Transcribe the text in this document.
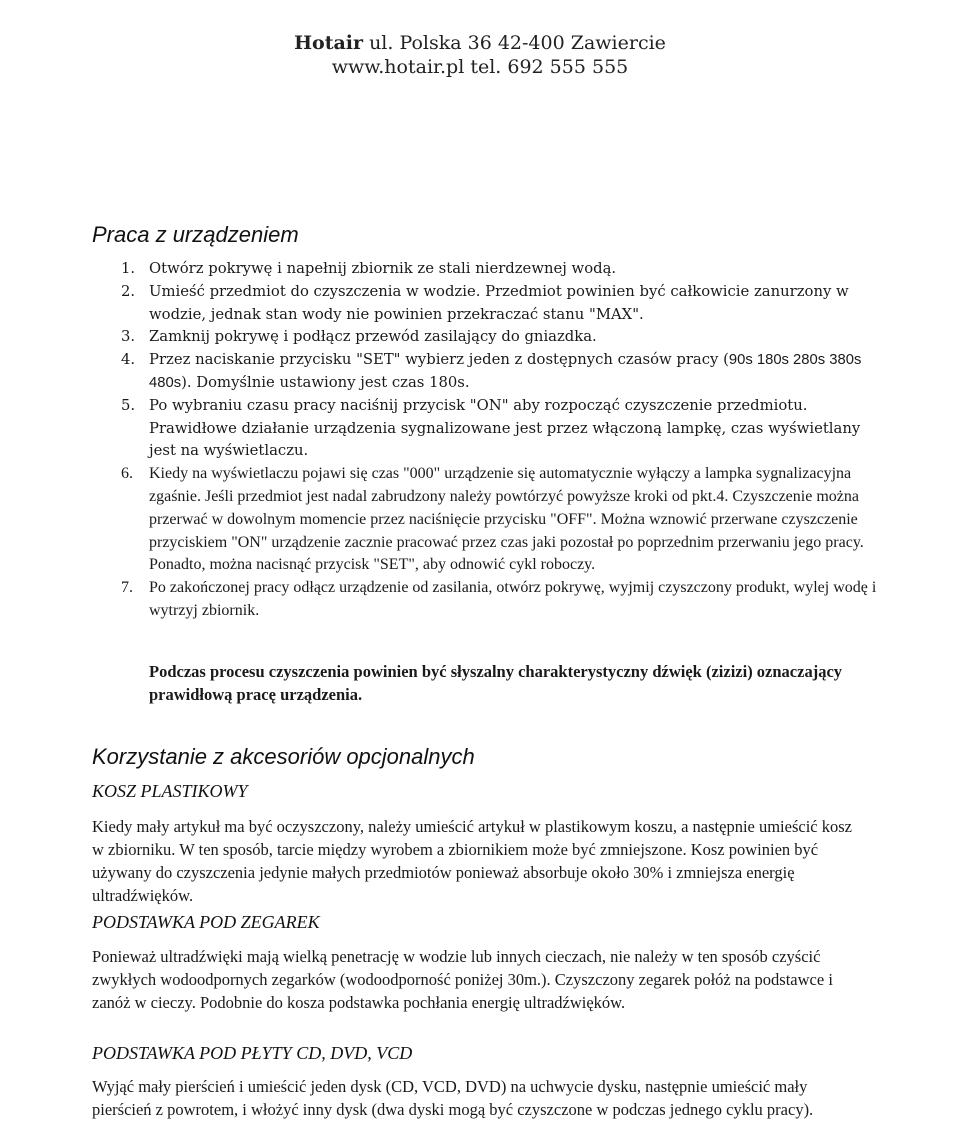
Hotair ul. Polska 36 42-400 Zawiercie
www.hotair.pl tel. 692 555 555
Praca z urządzeniem
1. Otwórz pokrywę i napełnij zbiornik ze stali nierdzewnej wodą.
2. Umieść przedmiot do czyszczenia w wodzie. Przedmiot powinien być całkowicie zanurzony w wodzie, jednak stan wody nie powinien przekraczać stanu "MAX".
3. Zamknij pokrywę i podłącz przewód zasilający do gniazdka.
4. Przez naciskanie przycisku "SET" wybierz jeden z dostępnych czasów pracy (90s 180s 280s 380s 480s). Domyślnie ustawiony jest czas 180s.
5. Po wybraniu czasu pracy naciśnij przycisk "ON" aby rozpocząć czyszczenie przedmiotu. Prawidłowe działanie urządzenia sygnalizowane jest przez włączoną lampkę, czas wyświetlany jest na wyświetlaczu.
6. Kiedy na wyświetlaczu pojawi się czas "000" urządzenie się automatycznie wyłączy a lampka sygnalizacyjna zgaśnie. Jeśli przedmiot jest nadal zabrudzony należy powtórzyć powyższe kroki od pkt.4. Czyszczenie można przerwać w dowolnym momencie przez naciśnięcie przycisku "OFF". Można wznowić przerwane czyszczenie przyciskiem "ON" urządzenie zacznie pracować przez czas jaki pozostał po poprzednim przerwaniu jego pracy. Ponadto, można nacisnąć przycisk "SET", aby odnowić cykl roboczy.
7. Po zakończonej pracy odłącz urządzenie od zasilania, otwórz pokrywę, wyjmij czyszczony produkt, wylej wodę i wytrzyj zbiornik.
Podczas procesu czyszczenia powinien być słyszalny charakterystyczny dźwięk (zizizi) oznaczający prawidłową pracę urządzenia.
Korzystanie z akcesoriów opcjonalnych
KOSZ PLASTIKOWY

Kiedy mały artykuł ma być oczyszczony, należy umieścić artykuł w plastikowym koszu, a następnie umieścić kosz w zbiorniku. W ten sposób, tarcie między wyrobem a zbiornikiem może być zmniejszone. Kosz powinien być używany do czyszczenia jedynie małych przedmiotów ponieważ absorbuje około 30% i zmniejsza energię ultradźwięków.

PODSTAWKA POD ZEGAREK

Ponieważ ultradźwięki mają wielką penetrację w wodzie lub innych cieczach, nie należy w ten sposób czyścić zwykłych wodoodpornych zegarków (wodoodporność poniżej 30m.). Czyszczony zegarek połóż na podstawce i zanóż w cieczy. Podobnie do kosza podstawka pochłania energię ultradźwięków.

PODSTAWKA POD PŁYTY CD, DVD, VCD

Wyjąć mały pierścień i umieścić jeden dysk (CD, VCD, DVD) na uchwycie dysku, następnie umieścić mały pierścień z powrotem, i włożyć inny dysk (dwa dyski mogą być czyszczone w podczas jednego cyklu pracy).
